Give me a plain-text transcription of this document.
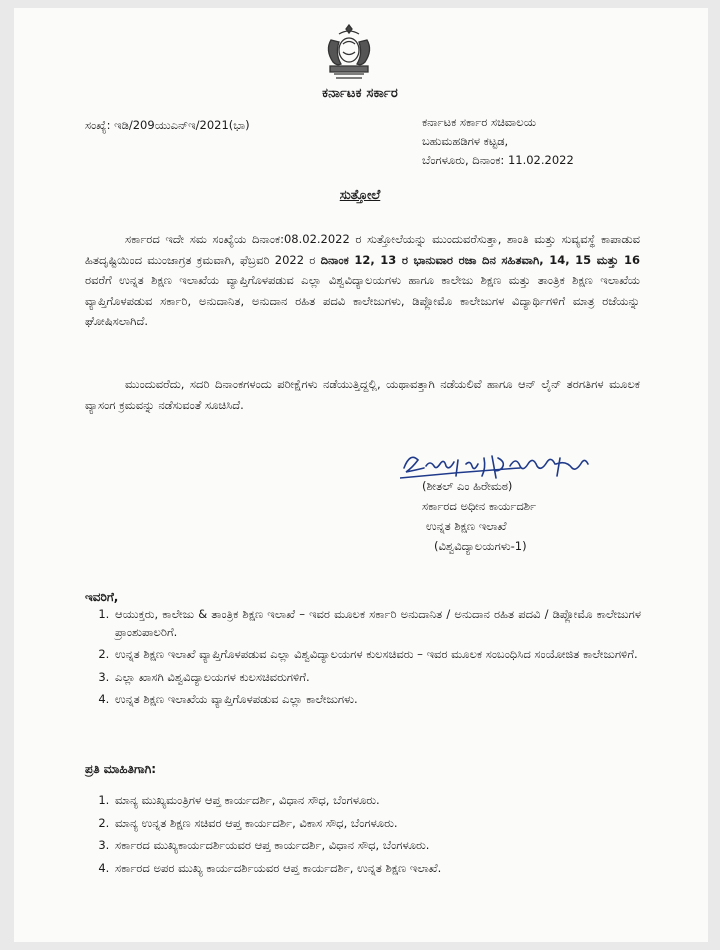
ಕರ್ನಾಟಕ ಸರ್ಕಾರ
ಸಂಖ್ಯೆ: ಇಡಿ/209ಯುಎನ್‌ಇ/2021(ಭಾ)	ಕರ್ನಾಟಕ ಸರ್ಕಾರ ಸಚಿವಾಲಯ
ಬಹುಮಹಡಿಗಳ ಕಟ್ಟಡ,
ಬೆಂಗಳೂರು, ದಿನಾಂಕ: 11.02.2022
ಸುತ್ತೋಲೆ
ಸರ್ಕಾರದ ಇದೇ ಸಮ ಸಂಖ್ಯೆಯ ದಿನಾಂಕ:08.02.2022 ರ ಸುತ್ತೋಲೆಯನ್ನು ಮುಂದುವರೆಸುತ್ತಾ, ಶಾಂತಿ ಮತ್ತು ಸುವ್ಯವಸ್ಥೆ ಕಾಪಾಡುವ ಹಿತದೃಷ್ಟಿಯಿಂದ ಮುಂಜಾಗ್ರತ ಕ್ರಮವಾಗಿ, ಫೆಬ್ರವರಿ 2022 ರ ದಿನಾಂಕ 12, 13 ರ ಭಾನುವಾರ ರಜಾ ದಿನ ಸಹಿತವಾಗಿ, 14, 15 ಮತ್ತು 16 ರವರೆಗೆ ಉನ್ನತ ಶಿಕ್ಷಣ ಇಲಾಖೆಯ ವ್ಯಾಪ್ತಿಗೊಳಪಡುವ ಎಲ್ಲಾ ವಿಶ್ವವಿದ್ಯಾಲಯಗಳು ಹಾಗೂ ಕಾಲೇಜು ಶಿಕ್ಷಣ ಮತ್ತು ತಾಂತ್ರಿಕ ಶಿಕ್ಷಣ ಇಲಾಖೆಯ ವ್ಯಾಪ್ತಿಗೊಳಪಡುವ ಸರ್ಕಾರಿ, ಅನುದಾನಿತ, ಅನುದಾನ ರಹಿತ ಪದವಿ ಕಾಲೇಜುಗಳು, ಡಿಪ್ಲೋಮೊ ಕಾಲೇಜುಗಳ ವಿದ್ಯಾರ್ಥಿಗಳಿಗೆ ಮಾತ್ರ ರಜೆಯನ್ನು ಘೋಷಿಸಲಾಗಿದೆ.
ಮುಂದುವರೆದು, ಸದರಿ ದಿನಾಂಕಗಳಂದು ಪರೀಕ್ಷೆಗಳು ನಡೆಯುತ್ತಿದ್ದಲ್ಲಿ, ಯಥಾವತ್ತಾಗಿ ನಡೆಯಲಿವೆ ಹಾಗೂ ಆನ್ ಲೈನ್ ತರಗತಿಗಳ ಮೂಲಕ ವ್ಯಾಸಂಗ ಕ್ರಮವನ್ನು ನಡೆಸುವಂತೆ ಸೂಚಿಸಿದೆ.
(ಶೀತಲ್ ಎಂ ಹಿರೇಮಠ)
ಸರ್ಕಾರದ ಅಧೀನ ಕಾರ್ಯದರ್ಶಿ
ಉನ್ನತ ಶಿಕ್ಷಣ ಇಲಾಖೆ
(ವಿಶ್ವವಿದ್ಯಾಲಯಗಳು-1)
ಇವರಿಗೆ,
1. ಆಯುಕ್ತರು, ಕಾಲೇಜು & ತಾಂತ್ರಿಕ ಶಿಕ್ಷಣ ಇಲಾಖೆ – ಇವರ ಮೂಲಕ ಸರ್ಕಾರಿ ಅನುದಾನಿತ / ಅನುದಾನ ರಹಿತ ಪದವಿ / ಡಿಪ್ಲೋಮೊ ಕಾಲೇಜುಗಳ ಪ್ರಾಂಶುಪಾಲರಿಗೆ.
2. ಉನ್ನತ ಶಿಕ್ಷಣ ಇಲಾಖೆ ವ್ಯಾಪ್ತಿಗೊಳಪಡುವ ಎಲ್ಲಾ ವಿಶ್ವವಿದ್ಯಾಲಯಗಳ ಕುಲಸಚಿವರು – ಇವರ ಮೂಲಕ ಸಂಬಂಧಿಸಿದ ಸಂಯೋಜಿತ ಕಾಲೇಜುಗಳಿಗೆ.
3. ಎಲ್ಲಾ ಖಾಸಗಿ ವಿಶ್ವವಿದ್ಯಾಲಯಗಳ ಕುಲಸಚಿವರುಗಳಿಗೆ.
4. ಉನ್ನತ ಶಿಕ್ಷಣ ಇಲಾಖೆಯ ವ್ಯಾಪ್ತಿಗೊಳಪಡುವ ಎಲ್ಲಾ ಕಾಲೇಜುಗಳು.
ಪ್ರತಿ ಮಾಹಿತಿಗಾಗಿ:
1. ಮಾನ್ಯ ಮುಖ್ಯಮಂತ್ರಿಗಳ ಆಪ್ತ ಕಾರ್ಯದರ್ಶಿ, ವಿಧಾನ ಸೌಧ, ಬೆಂಗಳೂರು.
2. ಮಾನ್ಯ ಉನ್ನತ ಶಿಕ್ಷಣ ಸಚಿವರ ಆಪ್ತ ಕಾರ್ಯದರ್ಶಿ, ವಿಕಾಸ ಸೌಧ, ಬೆಂಗಳೂರು.
3. ಸರ್ಕಾರದ ಮುಖ್ಯಕಾರ್ಯದರ್ಶಿಯವರ ಆಪ್ತ ಕಾರ್ಯದರ್ಶಿ, ವಿಧಾನ ಸೌಧ, ಬೆಂಗಳೂರು.
4. ಸರ್ಕಾರದ ಅಪರ ಮುಖ್ಯ ಕಾರ್ಯದರ್ಶಿಯವರ ಆಪ್ತ ಕಾರ್ಯದರ್ಶಿ, ಉನ್ನತ ಶಿಕ್ಷಣ ಇಲಾಖೆ.
